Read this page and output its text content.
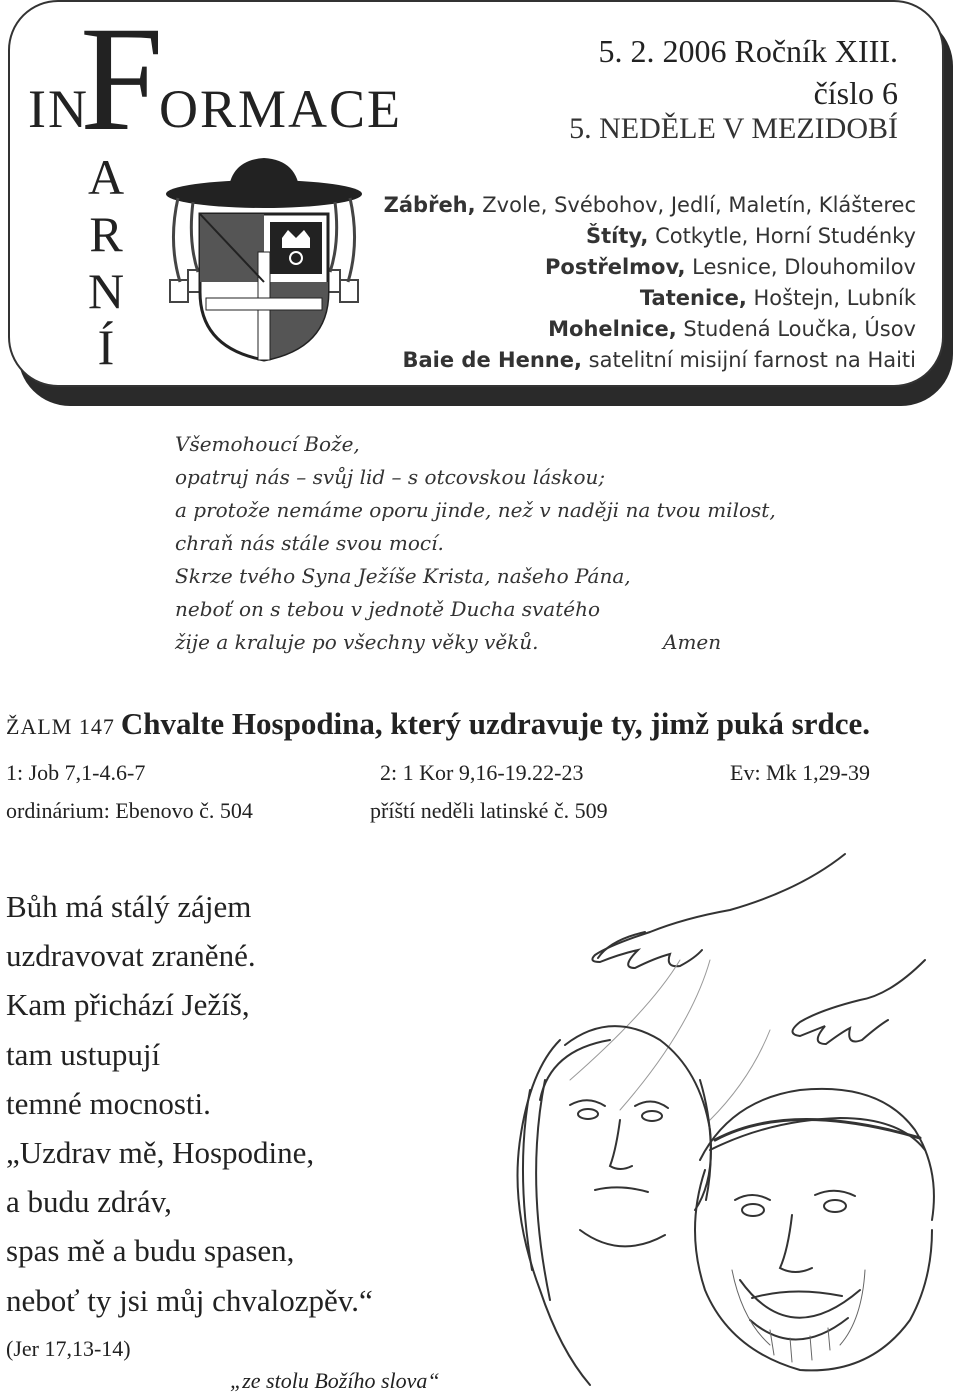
F
IN ORMACE
A
R
N
Í
5. 2. 2006 Ročník XIII.
číslo 6
5. NEDĚLE V MEZIDOBÍ
Zábřeh, Zvole, Svébohov, Jedlí, Maletín, Klášterec
Štíty, Cotkytle, Horní Studénky
Postřelmov, Lesnice, Dlouhomilov
Tatenice, Hoštejn, Lubník
Mohelnice, Studená Loučka, Úsov
Baie de Henne, satelitní misijní farnost na Haiti
Všemohoucí Bože,
opatruj nás – svůj lid – s otcovskou láskou;
a protože nemáme oporu jinde, než v naději na tvou milost,
chraň nás stále svou mocí.
Skrze tvého Syna Ježíše Krista, našeho Pána,
neboť on s tebou v jednotě Ducha svatého
žije a kraluje po všechny věky věků.	Amen
ŽALM 147 Chvalte Hospodina, který uzdravuje ty, jimž puká srdce.
1: Job 7,1-4.6-7	2: 1 Kor 9,16-19.22-23	Ev: Mk 1,29-39
ordinárium: Ebenovo č. 504	příští neděli latinské č. 509
Bůh má stálý zájem
uzdravovat zraněné.
Kam přichází Ježíš,
tam ustupují
temné mocnosti.
„Uzdrav mě, Hospodine,
a budu zdráv,
spas mě a budu spasen,
neboť ty jsi můj chvalozpěv.“
(Jer 17,13-14)
„ze stolu Božího slova“
